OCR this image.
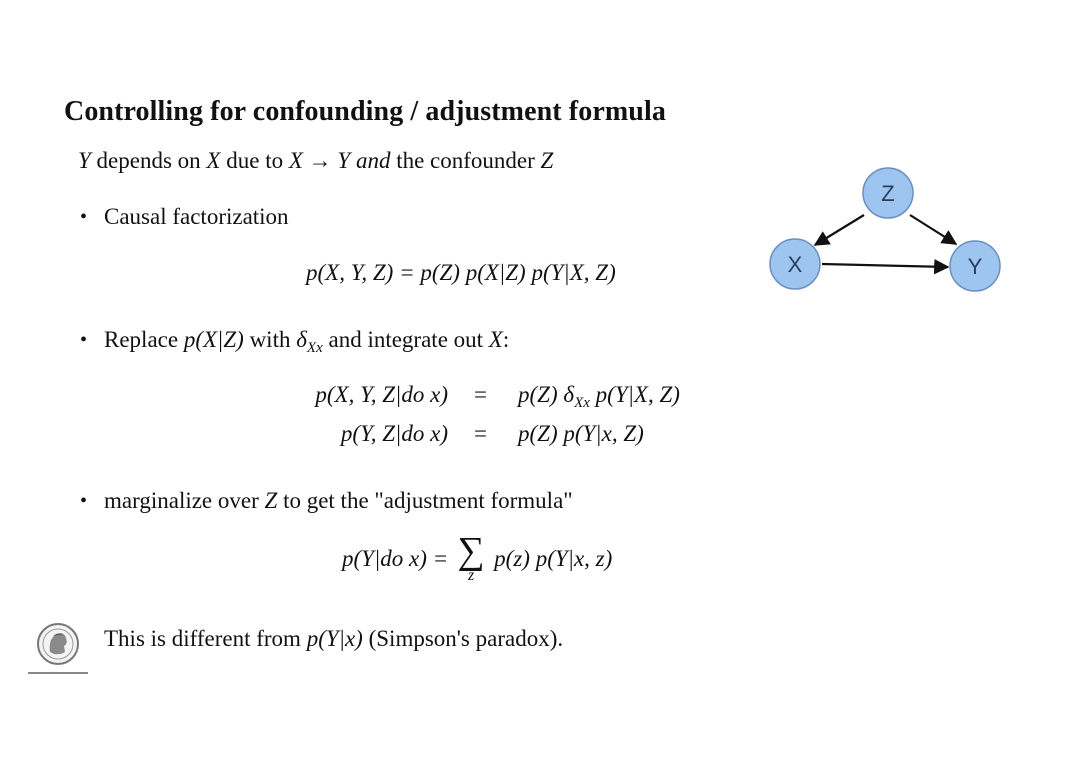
Controlling for confounding / adjustment formula
Y depends on X due to X → Y and the confounder Z
• Causal factorization
p(X, Y, Z) = p(Z) p(X|Z) p(Y|X, Z)
• Replace p(X|Z) with $\delta_{Xx}$ and integrate out X:
p(X, Y, Z|do x) = p(Z) $\delta_{Xx}$ p(Y|X, Z)
p(Y, Z|do x) = p(Z) p(Y|x, Z)
• marginalize over Z to get the "adjustment formula"
p(Y|do x) = ∑
z
p(z) p(Y|x, z)
This is different from p(Y|x) (Simpson's paradox).
Z
X	Y
